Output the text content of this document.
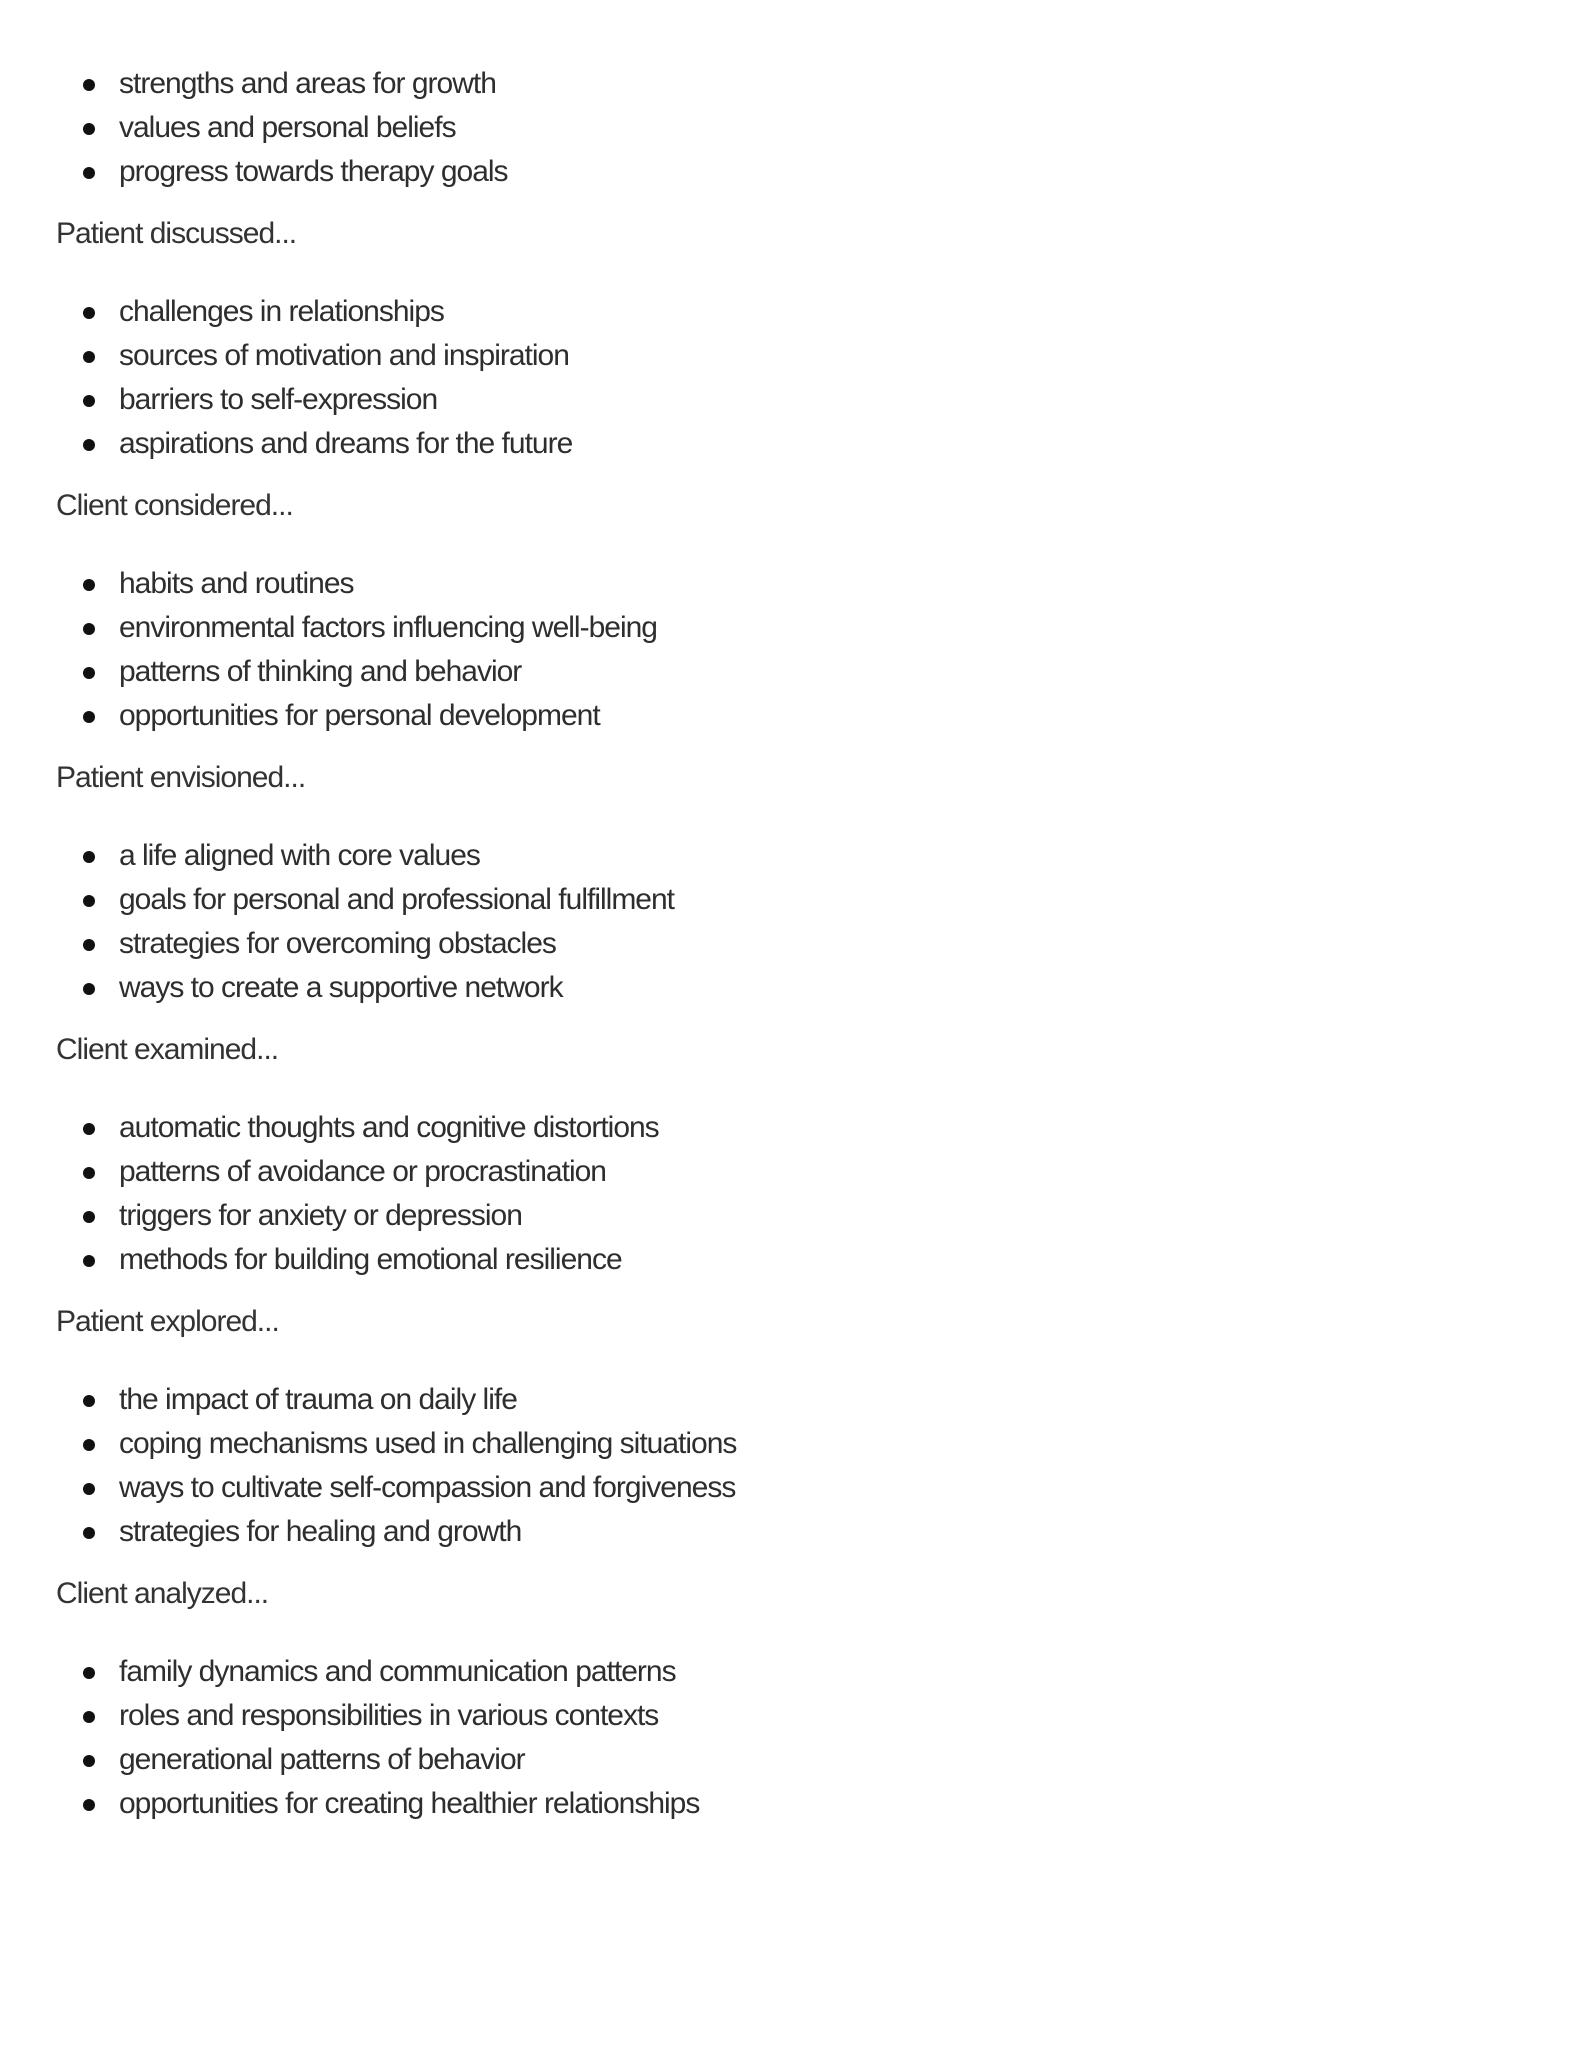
strengths and areas for growth
values and personal beliefs
progress towards therapy goals

Patient discussed...

challenges in relationships
sources of motivation and inspiration
barriers to self-expression
aspirations and dreams for the future

Client considered...

habits and routines
environmental factors influencing well-being
patterns of thinking and behavior
opportunities for personal development

Patient envisioned...

a life aligned with core values
goals for personal and professional fulfillment
strategies for overcoming obstacles
ways to create a supportive network

Client examined...

automatic thoughts and cognitive distortions
patterns of avoidance or procrastination
triggers for anxiety or depression
methods for building emotional resilience

Patient explored...

the impact of trauma on daily life
coping mechanisms used in challenging situations
ways to cultivate self-compassion and forgiveness
strategies for healing and growth

Client analyzed...

family dynamics and communication patterns
roles and responsibilities in various contexts
generational patterns of behavior
opportunities for creating healthier relationships
